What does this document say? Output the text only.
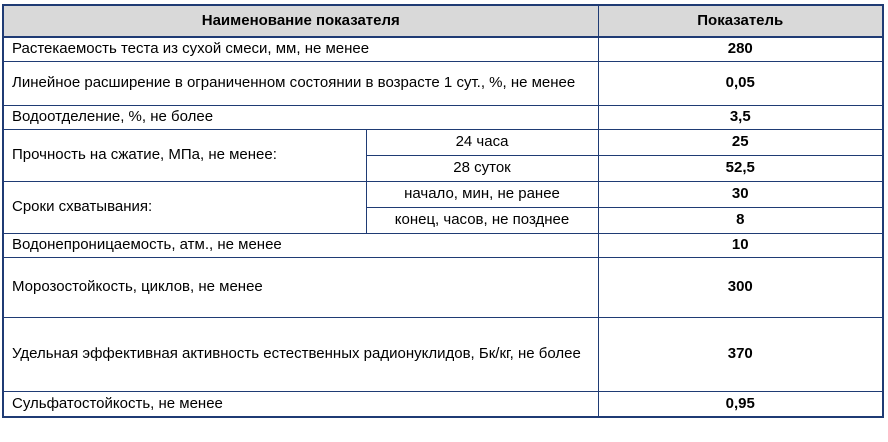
Наименование показателя		Показатель
Растекаемость теста из сухой смеси, мм, не менее		280
Линейное расширение в ограниченном состоянии в возрасте 1 сут., %, не менее		0,05
Водоотделение, %, не более		3,5
Прочность на сжатие, МПа, не менее:	24 часа	25
	28 суток	52,5
Сроки схватывания:	начало, мин, не ранее	30
	конец, часов, не позднее	8
Водонепроницаемость, атм., не менее		10
Морозостойкость, циклов, не менее		300
Удельная эффективная активность естественных радионуклидов, Бк/кг, не более		370
Сульфатостойкость, не менее		0,95
